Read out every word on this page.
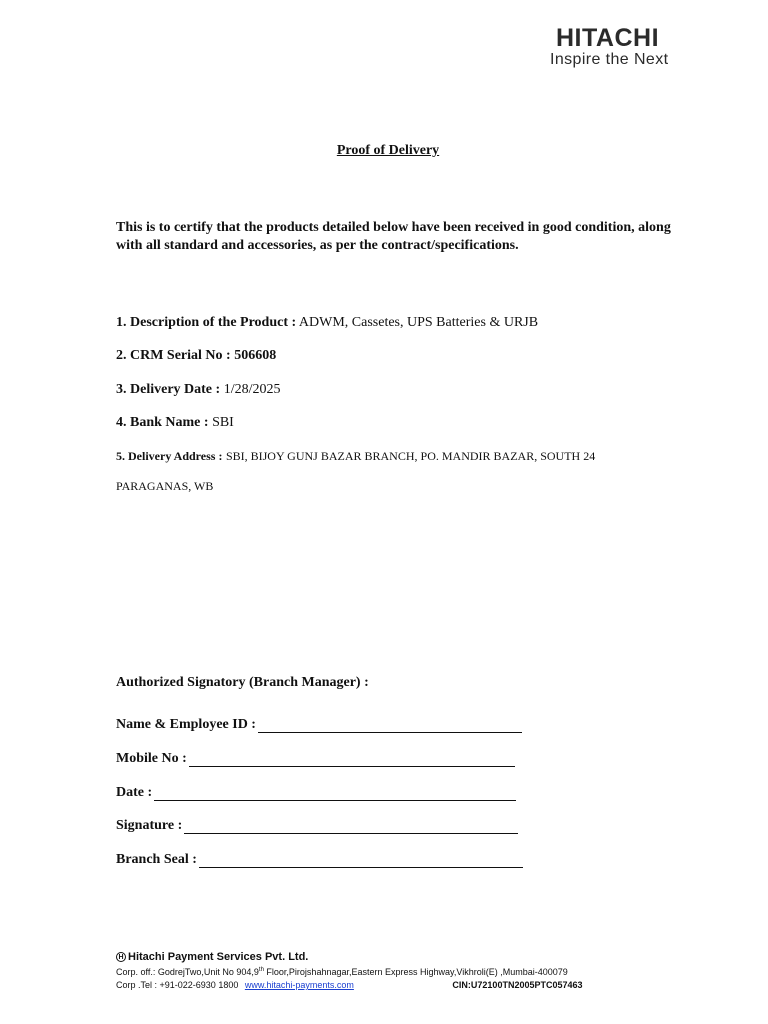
HITACHI
Inspire the Next
Proof of Delivery
This is to certify that the products detailed below have been received in good condition, along with all standard and accessories, as per the contract/specifications.
1. Description of the Product : ADWM, Cassetes, UPS Batteries & URJB
2. CRM Serial No : 506608
3. Delivery Date : 1/28/2025
4. Bank Name : SBI
5. Delivery Address : SBI, BIJOY GUNJ BAZAR BRANCH, PO. MANDIR BAZAR, SOUTH 24
PARAGANAS, WB
Authorized Signatory (Branch Manager) :
Name & Employee ID :
Mobile No :
Date :
Signature :
Branch Seal :
H Hitachi Payment Services Pvt. Ltd.
Corp. off.: GodrejTwo,Unit No 904,9th Floor,Pirojshahnagar,Eastern Express Highway,Vikhroli(E) ,Mumbai-400079
Corp .Tel : +91-022-6930 1800 www.hitachi-payments.com	CIN:U72100TN2005PTC057463
